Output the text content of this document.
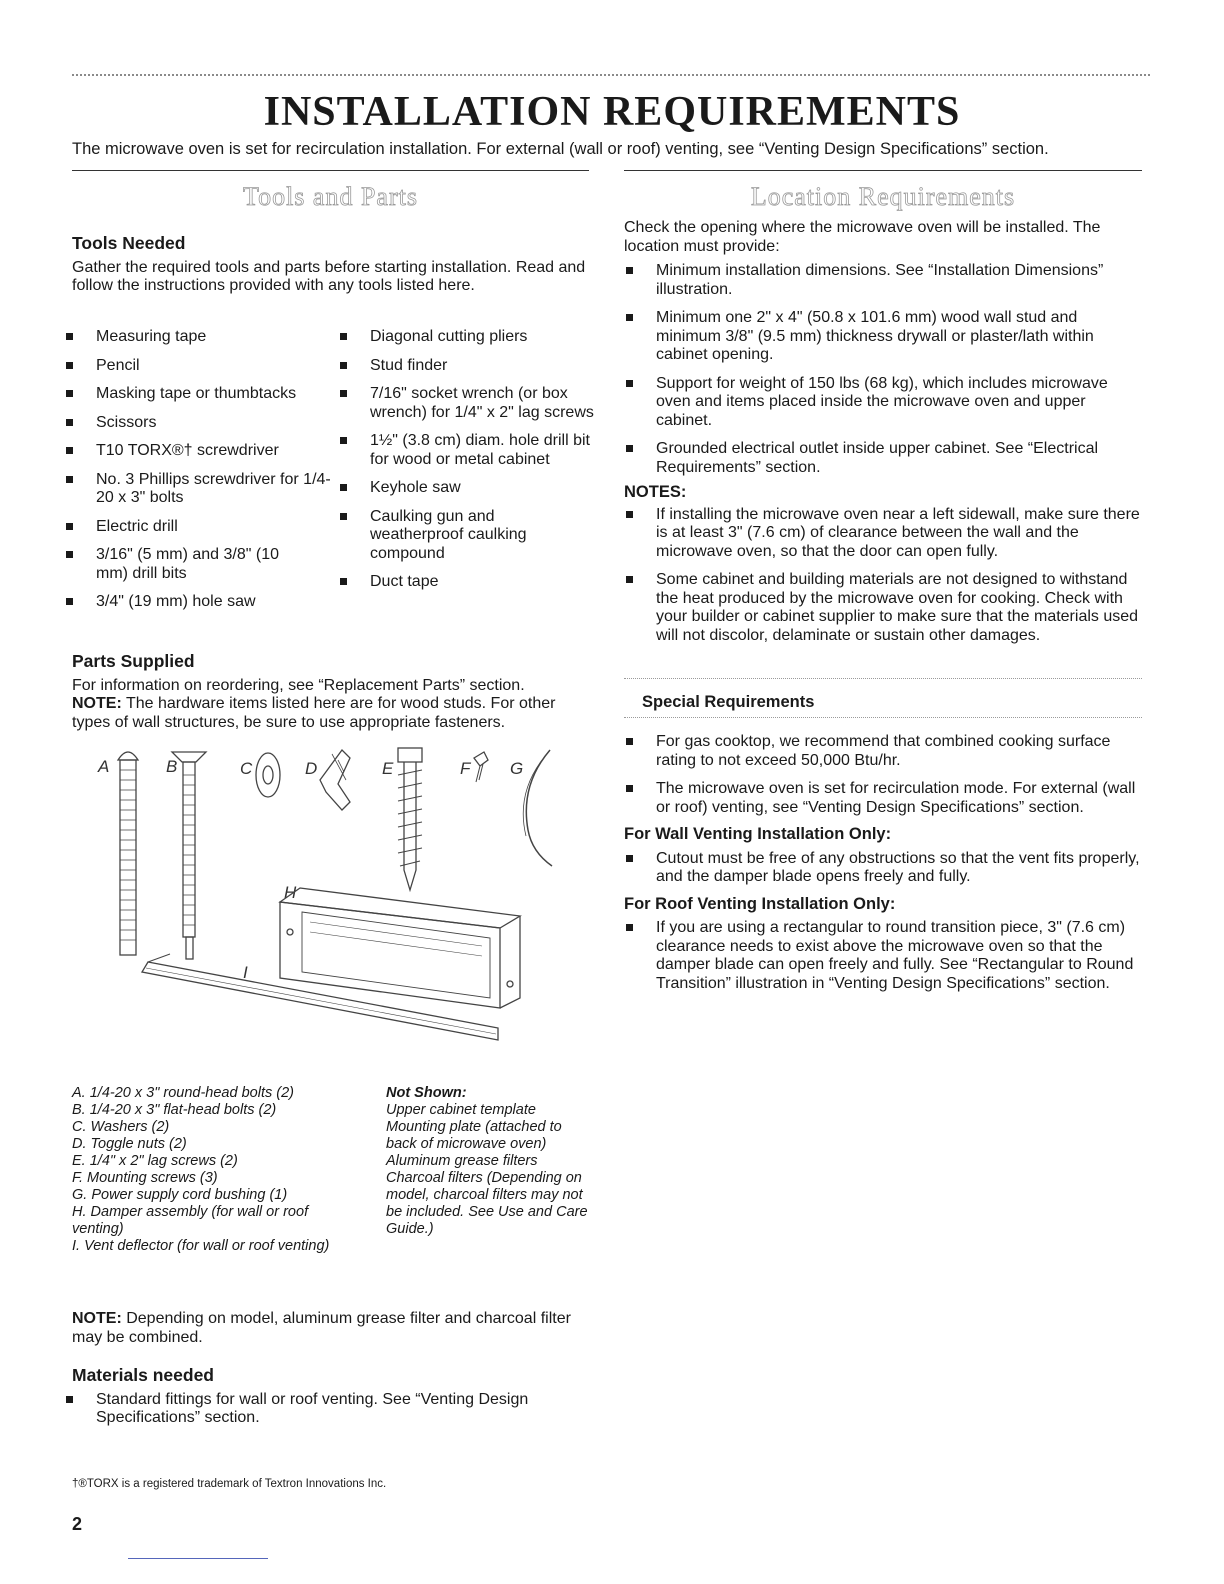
INSTALLATION REQUIREMENTS

The microwave oven is set for recirculation installation. For external (wall or roof) venting, see “Venting Design Specifications” section.

Tools and Parts

Tools Needed

Gather the required tools and parts before starting installation. Read and follow the instructions provided with any tools listed here.

Measuring tape
Pencil
Masking tape or thumbtacks
Scissors
T10 TORX®† screwdriver
No. 3 Phillips screwdriver for 1/4-20 x 3" bolts
Electric drill
3/16" (5 mm) and 3/8" (10 mm) drill bits
3/4" (19 mm) hole saw
Diagonal cutting pliers
Stud finder
7/16" socket wrench (or box wrench) for 1/4" x 2" lag screws
1½" (3.8 cm) diam. hole drill bit for wood or metal cabinet
Keyhole saw
Caulking gun and weatherproof caulking compound
Duct tape

Parts Supplied

For information on reordering, see “Replacement Parts” section.

NOTE: The hardware items listed here are for wood studs. For other types of wall structures, be sure to use appropriate fasteners.

A	B	C	D	E	F G
H
I
A. 1/4-20 x 3" round-head bolts (2)
B. 1/4-20 x 3" flat-head bolts (2)
C. Washers (2)
D. Toggle nuts (2)
E. 1/4" x 2" lag screws (2)
F. Mounting screws (3)
G. Power supply cord bushing (1)
H. Damper assembly (for wall or roof venting)
I. Vent deflector (for wall or roof venting)
Not Shown:
Upper cabinet template
Mounting plate (attached to back of microwave oven)
Aluminum grease filters
Charcoal filters (Depending on model, charcoal filters may not be included. See Use and Care Guide.)

NOTE: Depending on model, aluminum grease filter and charcoal filter may be combined.

Materials needed

Standard fittings for wall or roof venting. See “Venting Design Specifications” section.
†®TORX is a registered trademark of Textron Innovations Inc.
2
Location Requirements

Check the opening where the microwave oven will be installed. The location must provide:

Minimum installation dimensions. See “Installation Dimensions” illustration.
Minimum one 2" x 4" (50.8 x 101.6 mm) wood wall stud and minimum 3/8" (9.5 mm) thickness drywall or plaster/lath within cabinet opening.
Support for weight of 150 lbs (68 kg), which includes microwave oven and items placed inside the microwave oven and upper cabinet.
Grounded electrical outlet inside upper cabinet. See “Electrical Requirements” section.

NOTES:

If installing the microwave oven near a left sidewall, make sure there is at least 3" (7.6 cm) of clearance between the wall and the microwave oven, so that the door can open fully.
Some cabinet and building materials are not designed to withstand the heat produced by the microwave oven for cooking. Check with your builder or cabinet supplier to make sure that the materials used will not discolor, delaminate or sustain other damages.
Special Requirements
For gas cooktop, we recommend that combined cooking surface rating to not exceed 50,000 Btu/hr.
The microwave oven is set for recirculation mode. For external (wall or roof) venting, see “Venting Design Specifications” section.

For Wall Venting Installation Only:

Cutout must be free of any obstructions so that the vent fits properly, and the damper blade opens freely and fully.

For Roof Venting Installation Only:

If you are using a rectangular to round transition piece, 3" (7.6 cm) clearance needs to exist above the microwave oven so that the damper blade can open freely and fully. See “Rectangular to Round Transition” illustration in “Venting Design Specifications” section.
